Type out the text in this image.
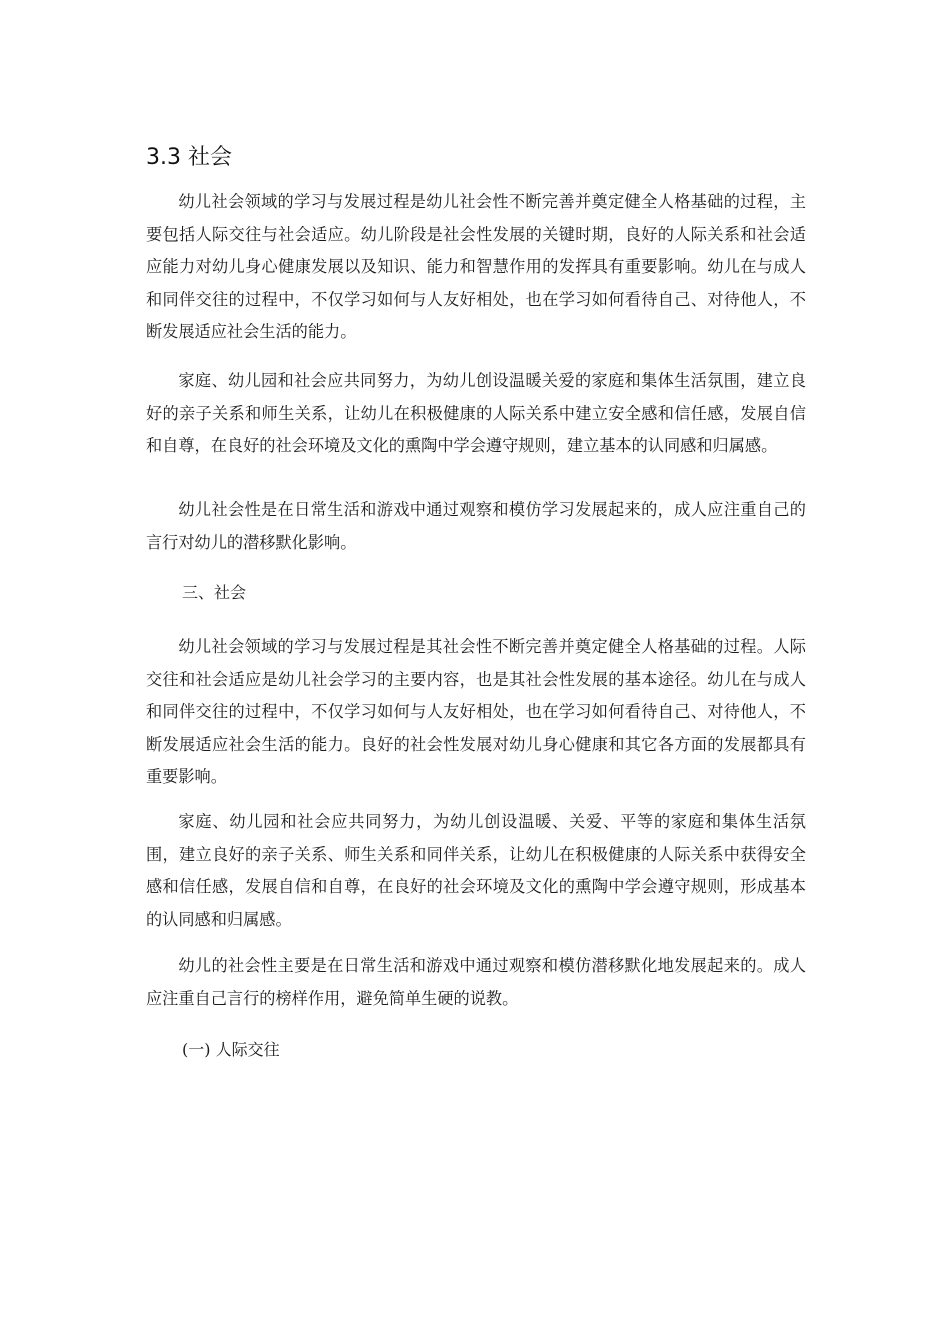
3.3 社会

幼儿社会领域的学习与发展过程是幼儿社会性不断完善并奠定健全人格基础的过程，主要包括人际交往与社会适应。幼儿阶段是社会性发展的关键时期，良好的人际关系和社会适应能力对幼儿身心健康发展以及知识、能力和智慧作用的发挥具有重要影响。幼儿在与成人和同伴交往的过程中，不仅学习如何与人友好相处，也在学习如何看待自己、对待他人，不断发展适应社会生活的能力。

家庭、幼儿园和社会应共同努力，为幼儿创设温暖关爱的家庭和集体生活氛围，建立良好的亲子关系和师生关系，让幼儿在积极健康的人际关系中建立安全感和信任感，发展自信和自尊，在良好的社会环境及文化的熏陶中学会遵守规则，建立基本的认同感和归属感。

幼儿社会性是在日常生活和游戏中通过观察和模仿学习发展起来的，成人应注重自己的言行对幼儿的潜移默化影响。

三、社会

幼儿社会领域的学习与发展过程是其社会性不断完善并奠定健全人格基础的过程。人际交往和社会适应是幼儿社会学习的主要内容，也是其社会性发展的基本途径。幼儿在与成人和同伴交往的过程中，不仅学习如何与人友好相处，也在学习如何看待自己、对待他人，不断发展适应社会生活的能力。良好的社会性发展对幼儿身心健康和其它各方面的发展都具有重要影响。

家庭、幼儿园和社会应共同努力，为幼儿创设温暖、关爱、平等的家庭和集体生活氛围，建立良好的亲子关系、师生关系和同伴关系，让幼儿在积极健康的人际关系中获得安全感和信任感，发展自信和自尊，在良好的社会环境及文化的熏陶中学会遵守规则，形成基本的认同感和归属感。

幼儿的社会性主要是在日常生活和游戏中通过观察和模仿潜移默化地发展起来的。成人应注重自己言行的榜样作用，避免简单生硬的说教。

(一) 人际交往
